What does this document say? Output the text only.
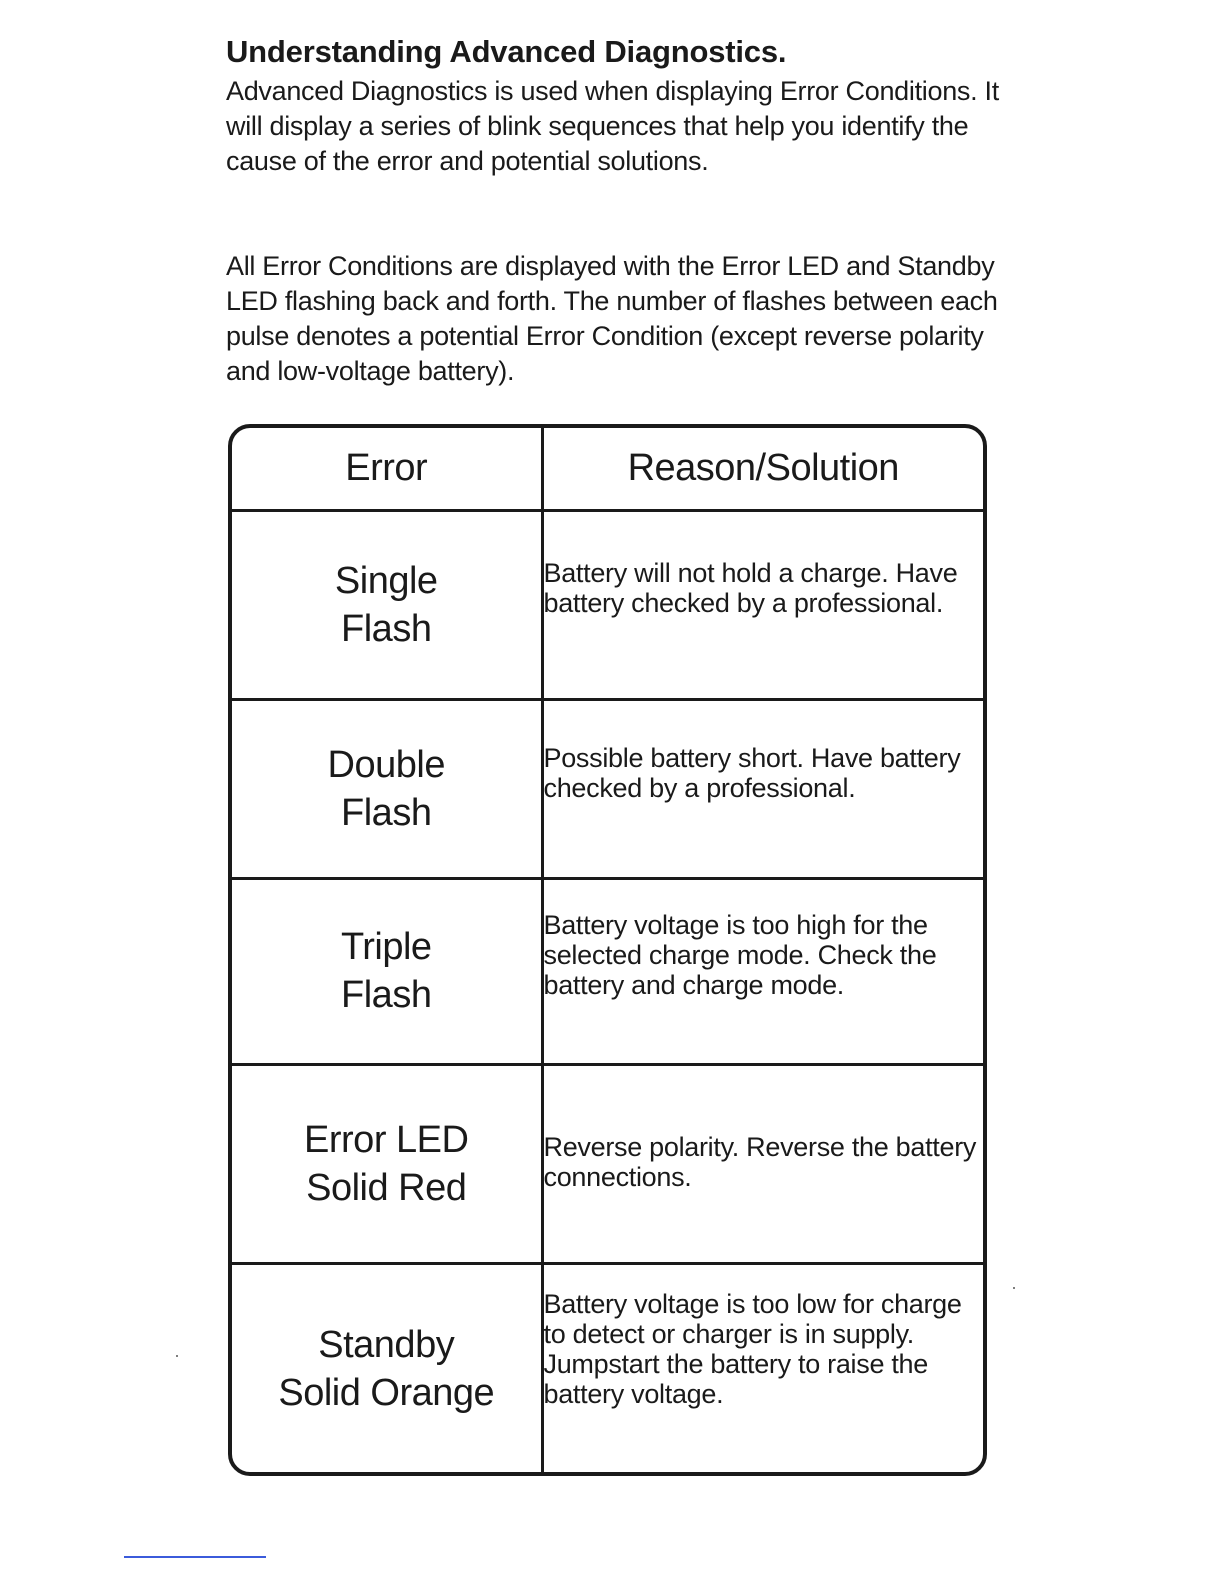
Understanding Advanced Diagnostics.

Advanced Diagnostics is used when displaying Error Conditions. It will display a series of blink sequences that help you identify the cause of the error and potential solutions.

All Error Conditions are displayed with the Error LED and Standby LED flashing back and forth. The number of flashes between each pulse denotes a potential Error Condition (except reverse polarity and low-voltage battery).

Error	Reason/Solution

Single
Flash	Battery will not hold a charge. Have battery checked by a professional.

Double
Flash	Possible battery short. Have battery checked by a professional.

Triple
Flash	Battery voltage is too high for the selected charge mode. Check the battery and charge mode.

Error LED
Solid Red	Reverse polarity. Reverse the battery connections.

Standby
Solid Orange	Battery voltage is too low for charge to detect or charger is in supply. Jumpstart the battery to raise the battery voltage.
